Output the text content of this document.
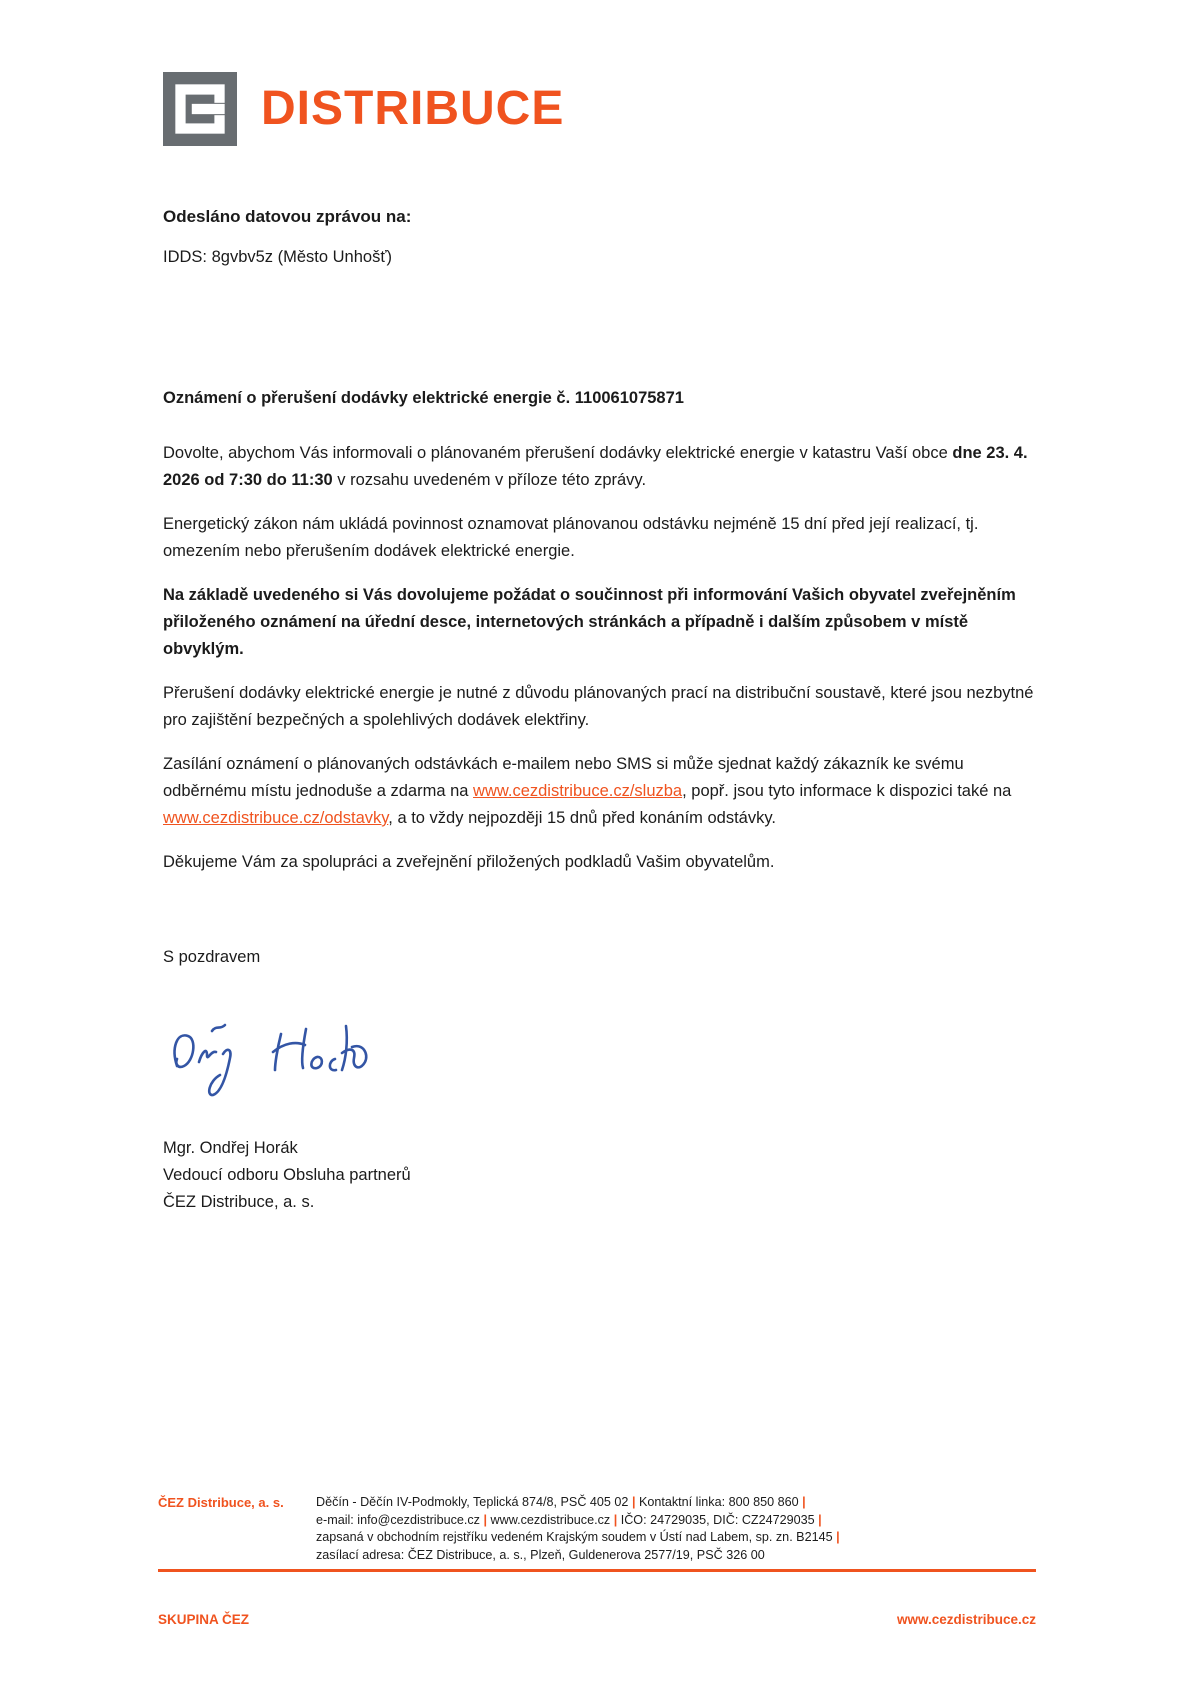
DISTRIBUCE
Odesláno datovou zprávou na:
IDDS: 8gvbv5z (Město Unhošť)
Oznámení o přerušení dodávky elektrické energie č. 110061075871

Dovolte, abychom Vás informovali o plánovaném přerušení dodávky elektrické energie v katastru Vaší obce dne 23. 4. 2026 od 7:30 do 11:30 v rozsahu uvedeném v příloze této zprávy.

Energetický zákon nám ukládá povinnost oznamovat plánovanou odstávku nejméně 15 dní před její realizací, tj. omezením nebo přerušením dodávek elektrické energie.

Na základě uvedeného si Vás dovolujeme požádat o součinnost při informování Vašich obyvatel zveřejněním přiloženého oznámení na úřední desce, internetových stránkách a případně i dalším způsobem v místě obvyklým.

Přerušení dodávky elektrické energie je nutné z důvodu plánovaných prací na distribuční soustavě, které jsou nezbytné pro zajištění bezpečných a spolehlivých dodávek elektřiny.

Zasílání oznámení o plánovaných odstávkách e-mailem nebo SMS si může sjednat každý zákazník ke svému odběrnému místu jednoduše a zdarma na www.cezdistribuce.cz/sluzba, popř. jsou tyto informace k dispozici také na www.cezdistribuce.cz/odstavky, a to vždy nejpozději 15 dnů před konáním odstávky.

Děkujeme Vám za spolupráci a zveřejnění přiložených podkladů Vašim obyvatelům.

S pozdravem

Mgr. Ondřej Horák
Vedoucí odboru Obsluha partnerů
ČEZ Distribuce, a. s.
ČEZ Distribuce, a. s.	Děčín - Děčín IV-Podmokly, Teplická 874/8, PSČ 405 02 | Kontaktní linka: 800 850 860 |
e-mail: info@cezdistribuce.cz | www.cezdistribuce.cz | IČO: 24729035, DIČ: CZ24729035 |
zapsaná v obchodním rejstříku vedeném Krajským soudem v Ústí nad Labem, sp. zn. B2145 |
zasílací adresa: ČEZ Distribuce, a. s., Plzeň, Guldenerova 2577/19, PSČ 326 00
SKUPINA ČEZ	www.cezdistribuce.cz
